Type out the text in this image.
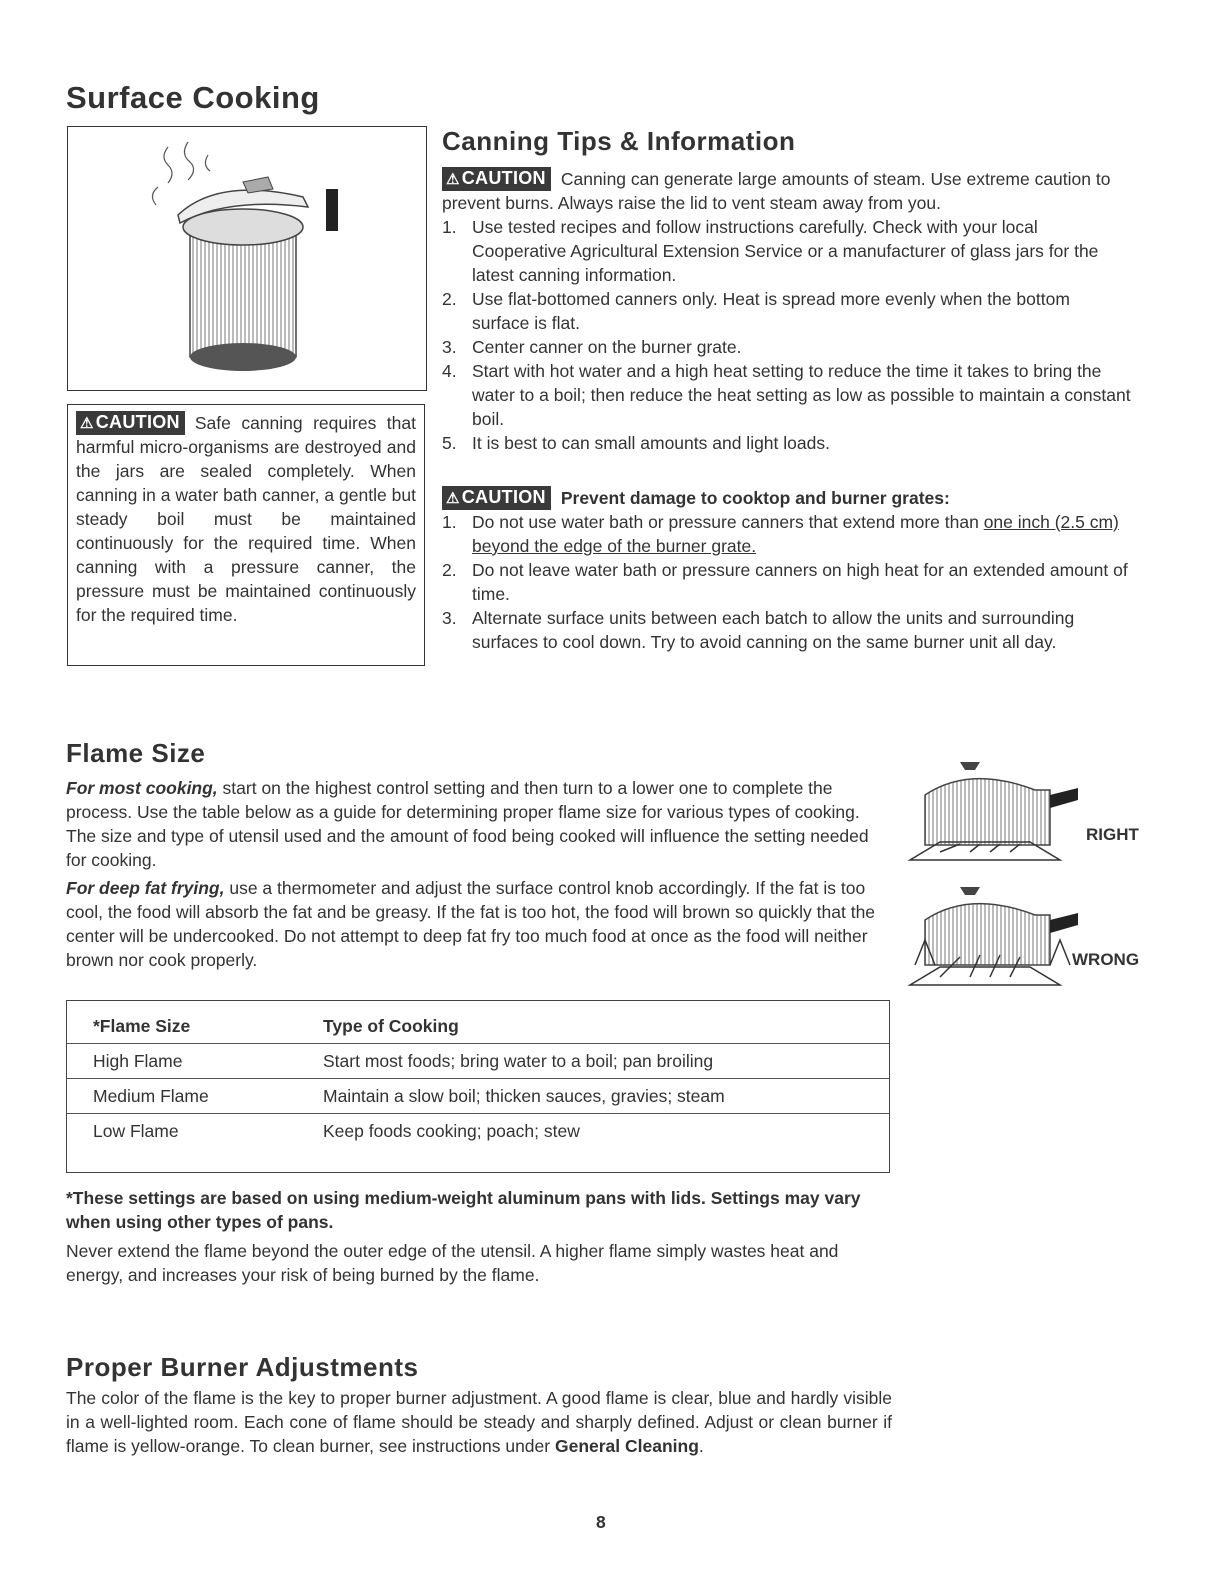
Surface Cooking
⚠ CAUTION Safe canning requires that harmful micro-organisms are destroyed and the jars are sealed completely. When canning in a water bath canner, a gentle but steady boil must be maintained continuously for the required time. When canning with a pressure canner, the pressure must be maintained continuously for the required time.
Canning Tips & Information
⚠ CAUTION Canning can generate large amounts of steam. Use extreme caution to prevent burns. Always raise the lid to vent steam away from you.
1. Use tested recipes and follow instructions carefully. Check with your local Cooperative Agricultural Extension Service or a manufacturer of glass jars for the latest canning information.
2. Use flat-bottomed canners only. Heat is spread more evenly when the bottom surface is flat.
3. Center canner on the burner grate.
4. Start with hot water and a high heat setting to reduce the time it takes to bring the water to a boil; then reduce the heat setting as low as possible to maintain a constant boil.
5. It is best to can small amounts and light loads.
⚠ CAUTION Prevent damage to cooktop and burner grates:
1. Do not use water bath or pressure canners that extend more than one inch (2.5 cm) beyond the edge of the burner grate.
2. Do not leave water bath or pressure canners on high heat for an extended amount of time.
3. Alternate surface units between each batch to allow the units and surrounding surfaces to cool down. Try to avoid canning on the same burner unit all day.
Flame Size

For most cooking, start on the highest control setting and then turn to a lower one to complete the process. Use the table below as a guide for determining proper flame size for various types of cooking. The size and type of utensil used and the amount of food being cooked will influence the setting needed for cooking.

For deep fat frying, use a thermometer and adjust the surface control knob accordingly. If the fat is too cool, the food will absorb the fat and be greasy. If the fat is too hot, the food will brown so quickly that the center will be undercooked. Do not attempt to deep fat fry too much food at once as the food will neither brown nor cook properly.

RIGHT
WRONG
*Flame Size	Type of Cooking
High Flame	Start most foods; bring water to a boil; pan broiling
Medium Flame	Maintain a slow boil; thicken sauces, gravies; steam
Low Flame	Keep foods cooking; poach; stew
*These settings are based on using medium-weight aluminum pans with lids. Settings may vary when using other types of pans.
Never extend the flame beyond the outer edge of the utensil. A higher flame simply wastes heat and energy, and increases your risk of being burned by the flame.
Proper Burner Adjustments
The color of the flame is the key to proper burner adjustment. A good flame is clear, blue and hardly visible in a well-lighted room. Each cone of flame should be steady and sharply defined. Adjust or clean burner if flame is yellow-orange. To clean burner, see instructions under General Cleaning.
8
